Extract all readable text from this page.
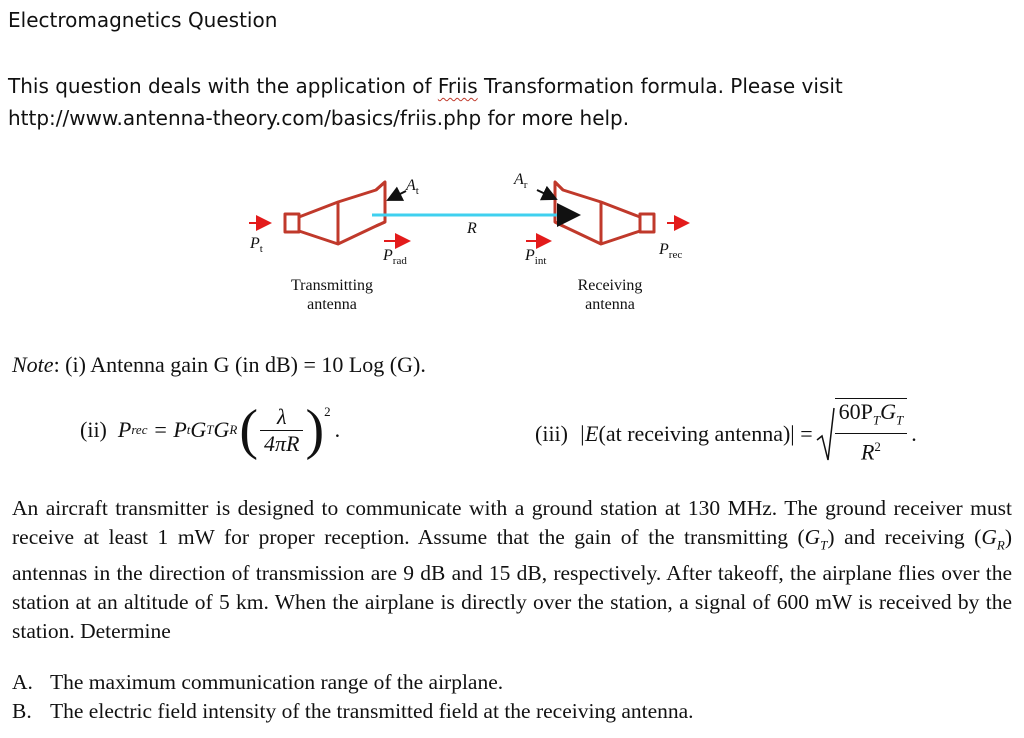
Electromagnetics Question
This question deals with the application of Friis Transformation formula. Please visit
http://www.antenna-theory.com/basics/friis.php for more help.
$P_t$
$A_t$
$P_{rad}$
R
$A_r$
$P_{int}$
$P_{rec}$
Transmitting
antenna
Receiving
antenna
Note: (i) Antenna gain G (in dB) = 10 Log (G).
(ii)
P rec
= P t G T G R ( λ
4πR )$^2$
.	(iii)
|E (at receiving antenna)|
=
$60P_TG_T$
$R^2$
.
An aircraft transmitter is designed to communicate with a ground station at 130 MHz. The ground receiver must receive at least 1 mW for proper reception. Assume that the gain of the transmitting $(G_T)$ and receiving $(G_R)$ antennas in the direction of transmission are 9 dB and 15 dB, respectively. After takeoff, the airplane flies over the station at an altitude of 5 km. When the airplane is directly over the station, a signal of 600 mW is received by the station. Determine
A. The maximum communication range of the airplane.
B. The electric field intensity of the transmitted field at the receiving antenna.
